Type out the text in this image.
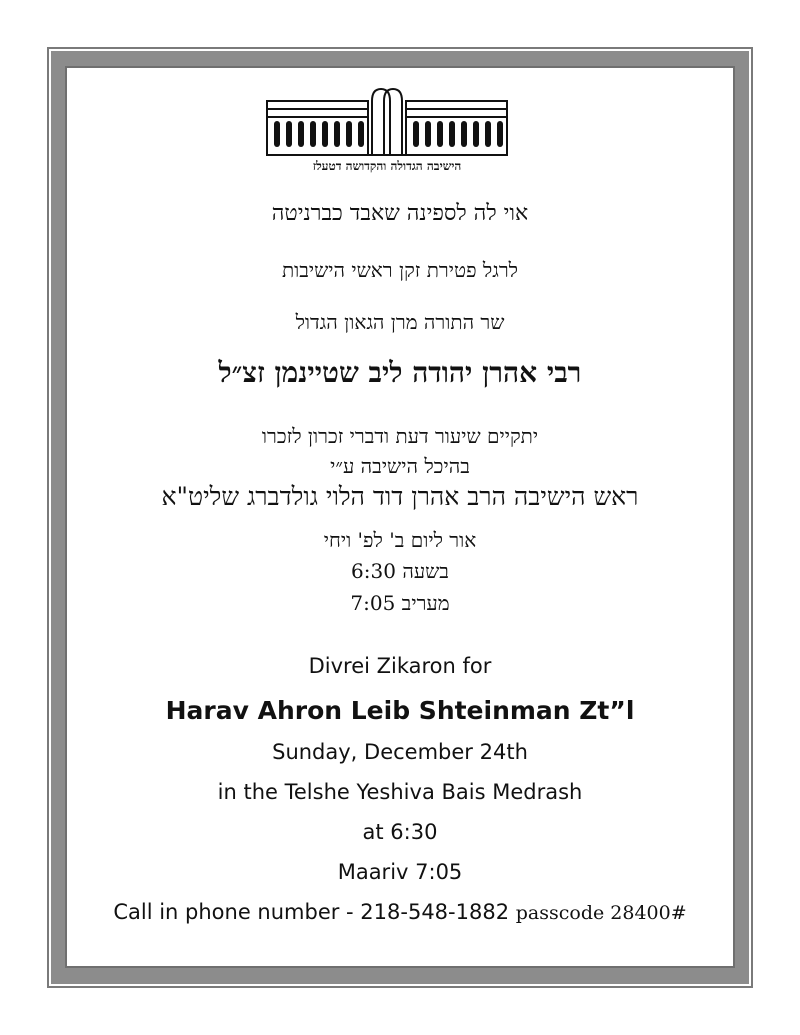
הישיבה הגדולה והקדושה דטעלז
אוי לה לספינה שאבד כברניטה
לרגל פטירת זקן ראשי הישיבות
שר התורה מרן הגאון הגדול
רבי אהרן יהודה ליב שטיינמן זצ״ל
יתקיים שיעור דעת ודברי זכרון לזכרו
בהיכל הישיבה ע״י
ראש הישיבה הרב אהרן דוד הלוי גולדברג שליט"א
אור ליום ב' לפ' ויחי
בשעה 6:30
מעריב 7:05
Divrei Zikaron for
Harav Ahron Leib Shteinman Zt”l
Sunday, December 24th
in the Telshe Yeshiva Bais Medrash
at 6:30
Maariv 7:05
Call in phone number - 218-548-1882 passcode 28400#
